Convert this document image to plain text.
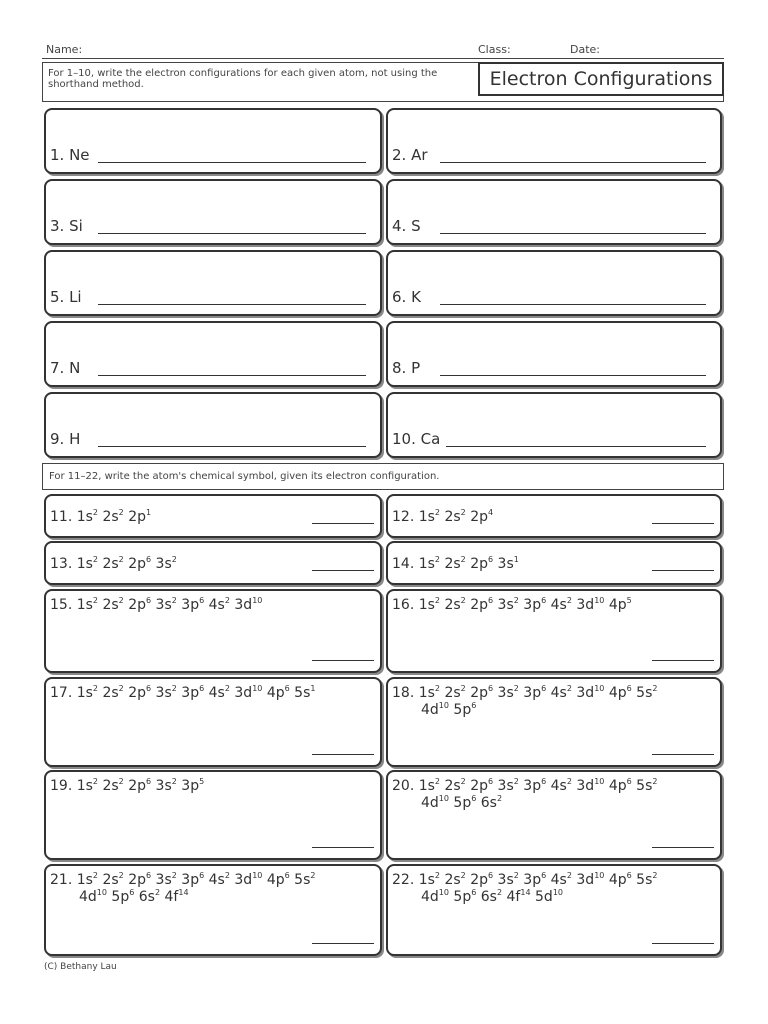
Name:	Class:	Date:
For 1–10, write the electron configurations for each given atom, not using the shorthand method.	Electron Configurations
1. Ne	2. Ar
3. Si	4. S
5. Li	6. K
7. N	8. P
9. H	10. Ca
For 11–22, write the atom's chemical symbol, given its electron configuration.
11. $1s^2$ $2s^2$ $2p^1$	12. $1s^2$ $2s^2$ $2p^4$
13. $1s^2$ $2s^2$ $2p^6$ $3s^2$	14. $1s^2$ $2s^2$ $2p^6$ $3s^1$
15. $1s^2$ $2s^2$ $2p^6$ $3s^2$ $3p^6$ $4s^2$ $3d^{10}$	16. $1s^2$ $2s^2$ $2p^6$ $3s^2$ $3p^6$ $4s^2$ $3d^{10}$ $4p^5$
17. $1s^2$ $2s^2$ $2p^6$ $3s^2$ $3p^6$ $4s^2$ $3d^{10}$ $4p^6$ $5s^1$	18. $1s^2$ $2s^2$ $2p^6$ $3s^2$ $3p^6$ $4s^2$ $3d^{10}$ $4p^6$ $5s^2$
$4d^{10}$ $5p^6$
19. $1s^2$ $2s^2$ $2p^6$ $3s^2$ $3p^5$	20. $1s^2$ $2s^2$ $2p^6$ $3s^2$ $3p^6$ $4s^2$ $3d^{10}$ $4p^6$ $5s^2$
$4d^{10}$ $5p^6$ $6s^2$
21. $1s^2$ $2s^2$ $2p^6$ $3s^2$ $3p^6$ $4s^2$ $3d^{10}$ $4p^6$ $5s^2$
$4d^{10}$ $5p^6$ $6s^2$ $4f^{14}$
22. $1s^2$ $2s^2$ $2p^6$ $3s^2$ $3p^6$ $4s^2$ $3d^{10}$ $4p^6$ $5s^2$
$4d^{10}$ $5p^6$ $6s^2$ $4f^{14}$ $5d^{10}$
(C) Bethany Lau
